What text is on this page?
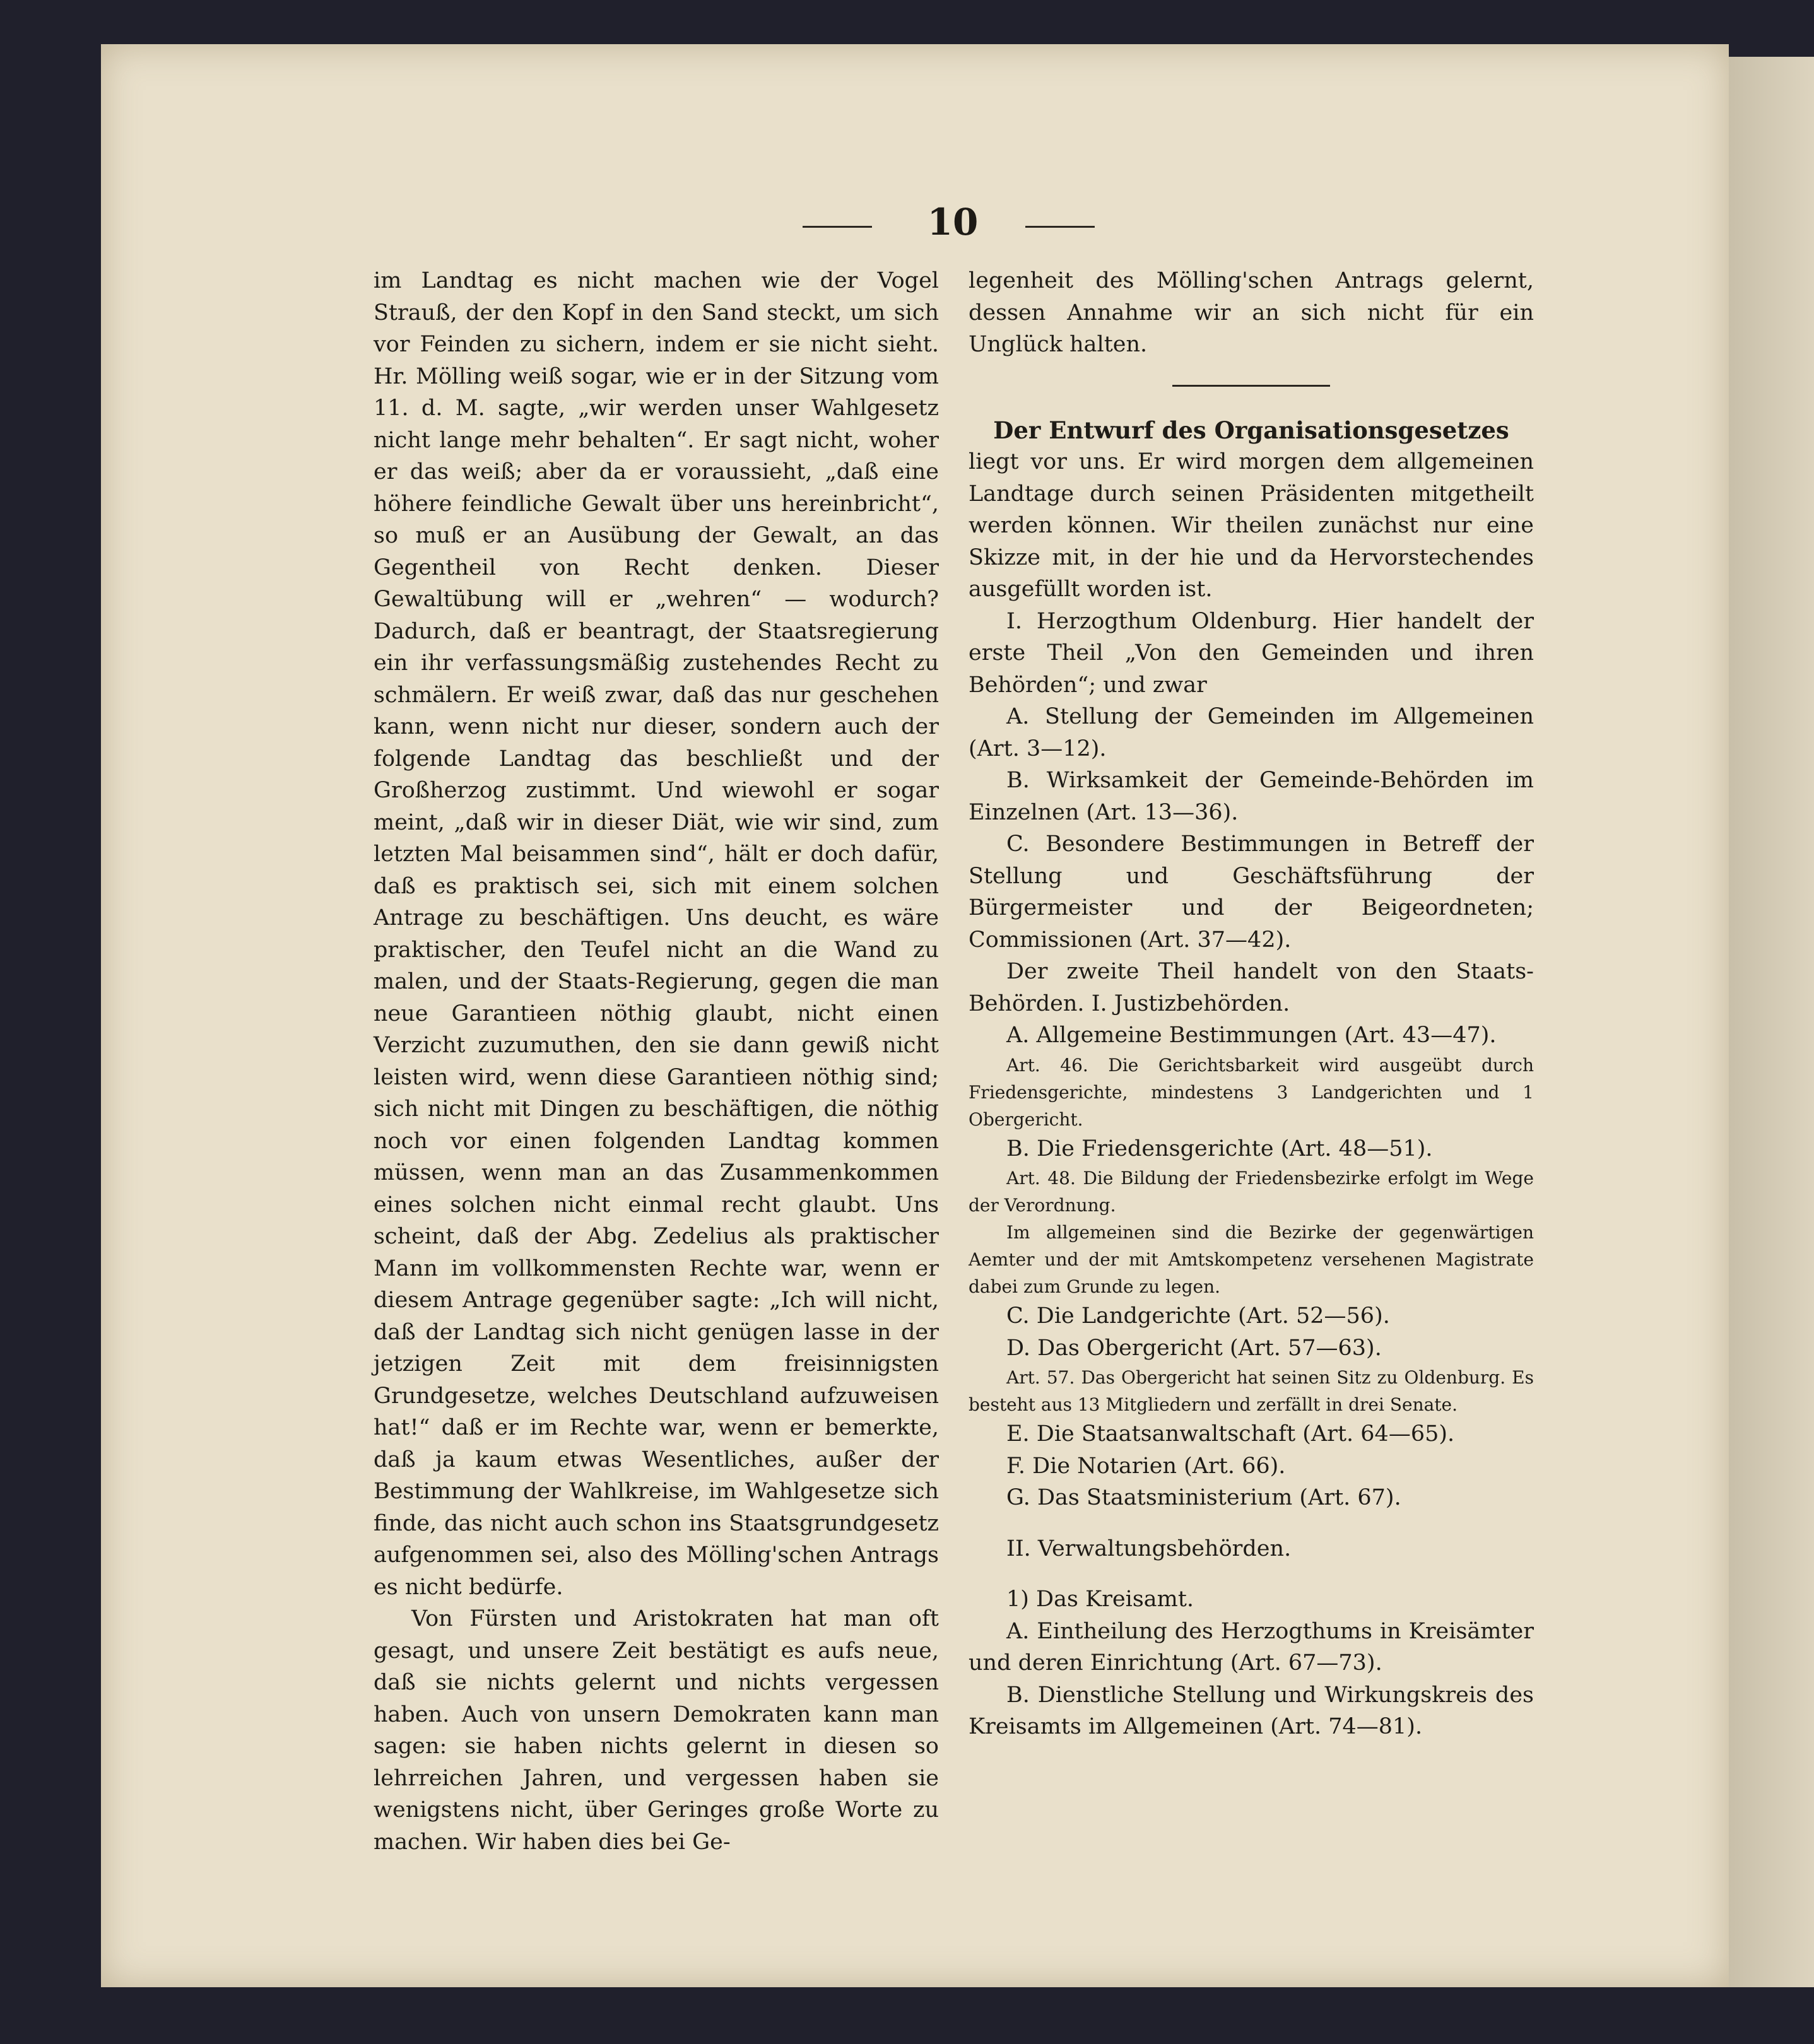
10

im Landtag es nicht machen wie der Vogel Strauß, der den Kopf in den Sand steckt, um sich vor Feinden zu sichern, indem er sie nicht sieht. Hr. Mölling weiß sogar, wie er in der Sitzung vom 11. d. M. sagte, „wir werden unser Wahlgesetz nicht lange mehr behalten“. Er sagt nicht, woher er das weiß; aber da er voraussieht, „daß eine höhere feindliche Gewalt über uns hereinbricht“, so muß er an Ausübung der Gewalt, an das Gegentheil von Recht denken. Dieser Gewaltübung will er „wehren“ — wodurch? Dadurch, daß er beantragt, der Staatsregierung ein ihr verfassungsmäßig zustehendes Recht zu schmälern. Er weiß zwar, daß das nur geschehen kann, wenn nicht nur dieser, sondern auch der folgende Landtag das beschließt und der Großherzog zustimmt. Und wiewohl er sogar meint, „daß wir in dieser Diät, wie wir sind, zum letzten Mal beisammen sind“, hält er doch dafür, daß es praktisch sei, sich mit einem solchen Antrage zu beschäftigen. Uns deucht, es wäre praktischer, den Teufel nicht an die Wand zu malen, und der Staats-Regierung, gegen die man neue Garantieen nöthig glaubt, nicht einen Verzicht zuzumuthen, den sie dann gewiß nicht leisten wird, wenn diese Garantieen nöthig sind; sich nicht mit Dingen zu beschäftigen, die nöthig noch vor einen folgenden Landtag kommen müssen, wenn man an das Zusammenkommen eines solchen nicht einmal recht glaubt. Uns scheint, daß der Abg. Zedelius als praktischer Mann im vollkommensten Rechte war, wenn er diesem Antrage gegenüber sagte: „Ich will nicht, daß der Landtag sich nicht genügen lasse in der jetzigen Zeit mit dem freisinnigsten Grundgesetze, welches Deutschland aufzuweisen hat!“ daß er im Rechte war, wenn er bemerkte, daß ja kaum etwas Wesentliches, außer der Bestimmung der Wahlkreise, im Wahlgesetze sich finde, das nicht auch schon ins Staatsgrundgesetz aufgenommen sei, also des Mölling'schen Antrags es nicht bedürfe.

Von Fürsten und Aristokraten hat man oft gesagt, und unsere Zeit bestätigt es aufs neue, daß sie nichts gelernt und nichts vergessen haben. Auch von unsern Demokraten kann man sagen: sie haben nichts gelernt in diesen so lehrreichen Jahren, und vergessen haben sie wenigstens nicht, über Geringes große Worte zu machen. Wir haben dies bei Ge-

legenheit des Mölling'schen Antrags gelernt, dessen Annahme wir an sich nicht für ein Unglück halten.

Der Entwurf des Organisationsgesetzes

liegt vor uns. Er wird morgen dem allgemeinen Landtage durch seinen Präsidenten mitgetheilt werden können. Wir theilen zunächst nur eine Skizze mit, in der hie und da Hervorstechendes ausgefüllt worden ist.

I. Herzogthum Oldenburg. Hier handelt der erste Theil „Von den Gemeinden und ihren Behörden“; und zwar

A. Stellung der Gemeinden im Allgemeinen (Art. 3—12).

B. Wirksamkeit der Gemeinde-Behörden im Einzelnen (Art. 13—36).

C. Besondere Bestimmungen in Betreff der Stellung und Geschäftsführung der Bürgermeister und der Beigeordneten; Commissionen (Art. 37—42).

Der zweite Theil handelt von den Staats-Behörden. I. Justizbehörden.

A. Allgemeine Bestimmungen (Art. 43—47).

Art. 46. Die Gerichtsbarkeit wird ausgeübt durch Friedensgerichte, mindestens 3 Landgerichten und 1 Obergericht.

B. Die Friedensgerichte (Art. 48—51).

Art. 48. Die Bildung der Friedensbezirke erfolgt im Wege der Verordnung.

Im allgemeinen sind die Bezirke der gegenwärtigen Aemter und der mit Amtskompetenz versehenen Magistrate dabei zum Grunde zu legen.

C. Die Landgerichte (Art. 52—56).

D. Das Obergericht (Art. 57—63).

Art. 57. Das Obergericht hat seinen Sitz zu Oldenburg. Es besteht aus 13 Mitgliedern und zerfällt in drei Senate.

E. Die Staatsanwaltschaft (Art. 64—65).

F. Die Notarien (Art. 66).

G. Das Staatsministerium (Art. 67).

II. Verwaltungsbehörden.

1) Das Kreisamt.

A. Eintheilung des Herzogthums in Kreisämter und deren Einrichtung (Art. 67—73).

B. Dienstliche Stellung und Wirkungskreis des Kreisamts im Allgemeinen (Art. 74—81).
